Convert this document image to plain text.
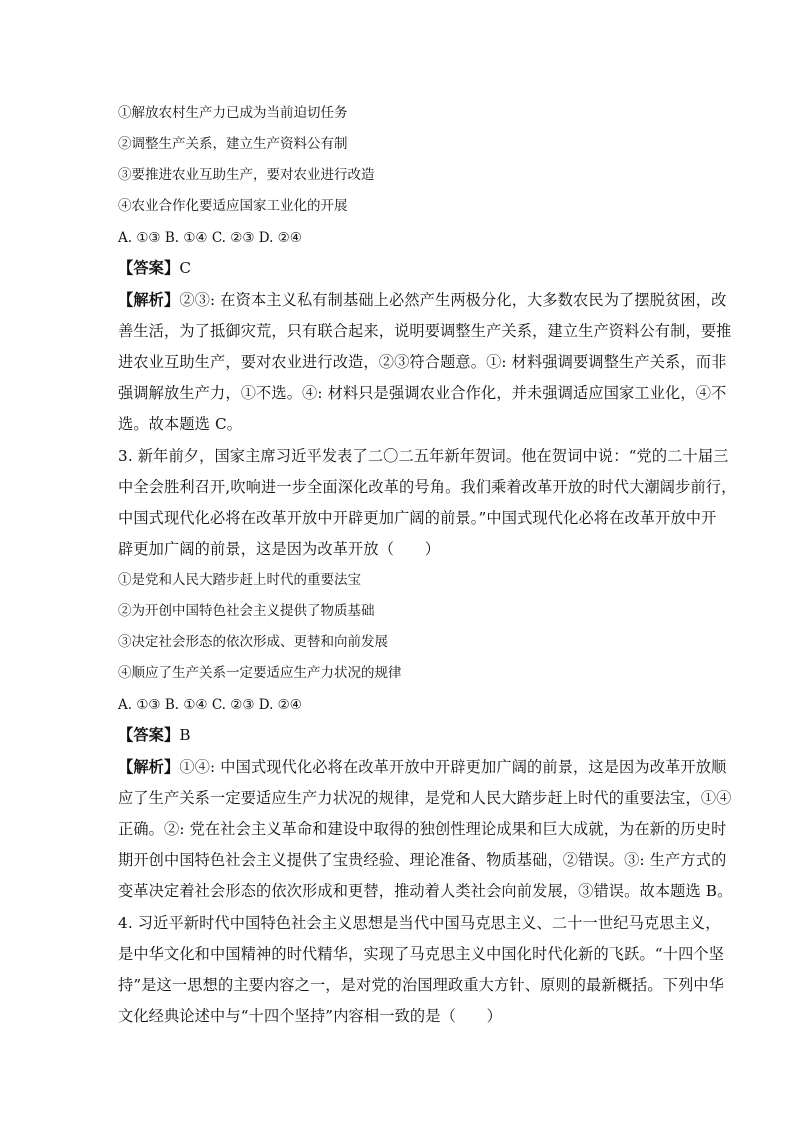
①解放农村生产力已成为当前迫切任务
②调整生产关系，建立生产资料公有制
③要推进农业互助生产，要对农业进行改造
④农业合作化要适应国家工业化的开展
A. ①③ B. ①④ C. ②③ D. ②④
【答案】C
【解析】②③: 在资本主义私有制基础上必然产生两极分化，大多数农民为了摆脱贫困，改
善生活，为了抵御灾荒，只有联合起来，说明要调整生产关系，建立生产资料公有制，要推
进农业互助生产，要对农业进行改造，②③符合题意。①: 材料强调要调整生产关系，而非
强调解放生产力，①不选。④: 材料只是强调农业合作化，并未强调适应国家工业化，④不
选。故本题选 C。
3. 新年前夕，国家主席习近平发表了二〇二五年新年贺词。他在贺词中说：“党的二十届三
中全会胜利召开,吹响进一步全面深化改革的号角。我们乘着改革开放的时代大潮阔步前行，
中国式现代化必将在改革开放中开辟更加广阔的前景。”中国式现代化必将在改革开放中开
辟更加广阔的前景，这是因为改革开放（　　）
①是党和人民大踏步赶上时代的重要法宝
②为开创中国特色社会主义提供了物质基础
③决定社会形态的依次形成、更替和向前发展
④顺应了生产关系一定要适应生产力状况的规律
A. ①③ B. ①④ C. ②③ D. ②④
【答案】B
【解析】①④: 中国式现代化必将在改革开放中开辟更加广阔的前景，这是因为改革开放顺
应了生产关系一定要适应生产力状况的规律，是党和人民大踏步赶上时代的重要法宝，①④
正确。②: 党在社会主义革命和建设中取得的独创性理论成果和巨大成就，为在新的历史时
期开创中国特色社会主义提供了宝贵经验、理论准备、物质基础，②错误。③: 生产方式的
变革决定着社会形态的依次形成和更替，推动着人类社会向前发展，③错误。故本题选 B。
4. 习近平新时代中国特色社会主义思想是当代中国马克思主义、二十一世纪马克思主义，
是中华文化和中国精神的时代精华，实现了马克思主义中国化时代化新的飞跃。“十四个坚
持”是这一思想的主要内容之一，是对党的治国理政重大方针、原则的最新概括。下列中华
文化经典论述中与“十四个坚持”内容相一致的是（　　）
